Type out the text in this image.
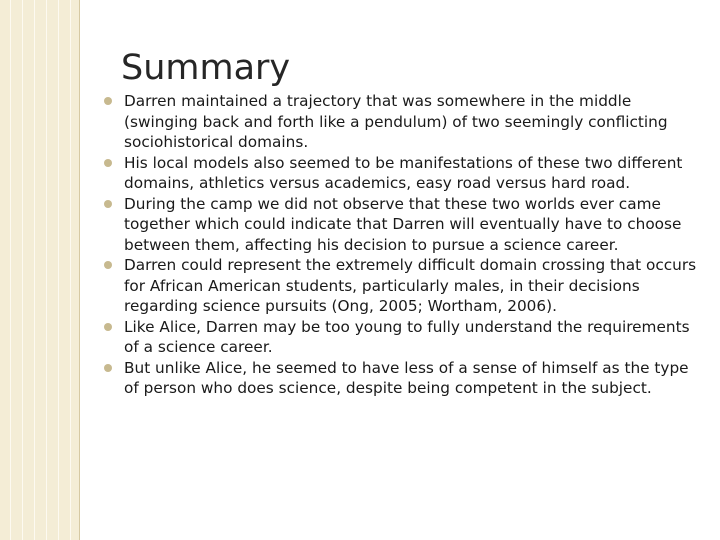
Summary
Darren maintained a trajectory that was somewhere in the middle (swinging back and forth like a pendulum) of two seemingly conflicting sociohistorical domains.
His local models also seemed to be manifestations of these two different domains, athletics versus academics, easy road versus hard road.
During the camp we did not observe that these two worlds ever came together which could indicate that Darren will eventually have to choose between them, affecting his decision to pursue a science career.
Darren could represent the extremely difficult domain crossing that occurs for African American students, particularly males, in their decisions regarding science pursuits (Ong, 2005; Wortham, 2006).
Like Alice, Darren may be too young to fully understand the requirements of a science career.
But unlike Alice, he seemed to have less of a sense of himself as the type of person who does science, despite being competent in the subject.
